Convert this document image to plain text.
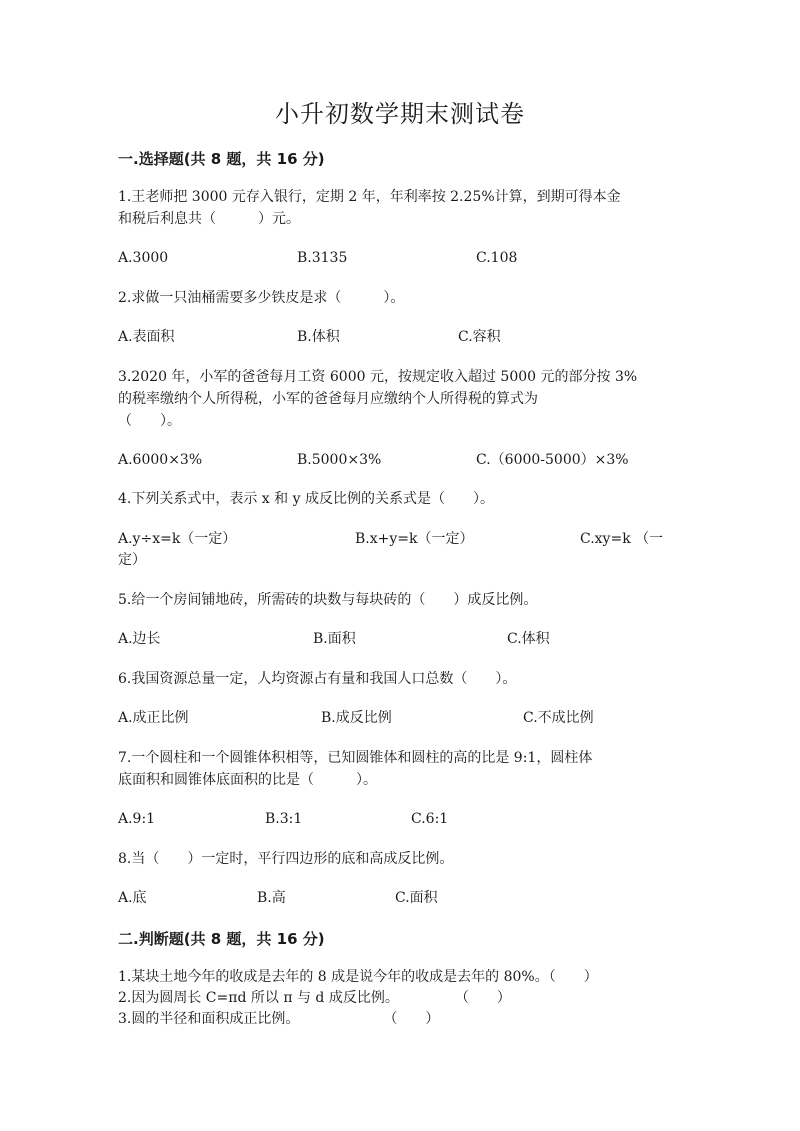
小升初数学期末测试卷
一.选择题(共 8 题，共 16 分)

1.王老师把 3000 元存入银行，定期 2 年，年利率按 2.25%计算，到期可得本金

和税后利息共（　　　）元。

A.3000	B.3135	C.108

2.求做一只油桶需要多少铁皮是求（　　　）。

A.表面积	B.体积	C.容积

3.2020 年，小军的爸爸每月工资 6000 元，按规定收入超过 5000 元的部分按 3%

的税率缴纳个人所得税，小军的爸爸每月应缴纳个人所得税的算式为

（　　）。

A.6000×3%	B.5000×3%	C.（6000-5000）×3%

4.下列关系式中，表示 x 和 y 成反比例的关系式是（　　）。

A.y÷x=k（一定）	B.x+y=k（一定）	C.xy=k （一
定）

5.给一个房间铺地砖，所需砖的块数与每块砖的（　　）成反比例。

A.边长	B.面积	C.体积

6.我国资源总量一定，人均资源占有量和我国人口总数（　　）。

A.成正比例	B.成反比例	C.不成比例

7.一个圆柱和一个圆锥体积相等，已知圆锥体和圆柱的高的比是 9:1，圆柱体

底面积和圆锥体底面积的比是（　　　）。

A.9:1	B.3:1	C.6:1

8.当（　　）一定时，平行四边形的底和高成反比例。

A.底	B.高	C.面积
二.判断题(共 8 题，共 16 分)
1.某块土地今年的收成是去年的 8 成是说今年的收成是去年的 80%。（　　）
2.因为圆周长 C=πd 所以 π 与 d 成反比例。　　　　　（　　）
3.圆的半径和面积成正比例。　　　　　　　（　　）
